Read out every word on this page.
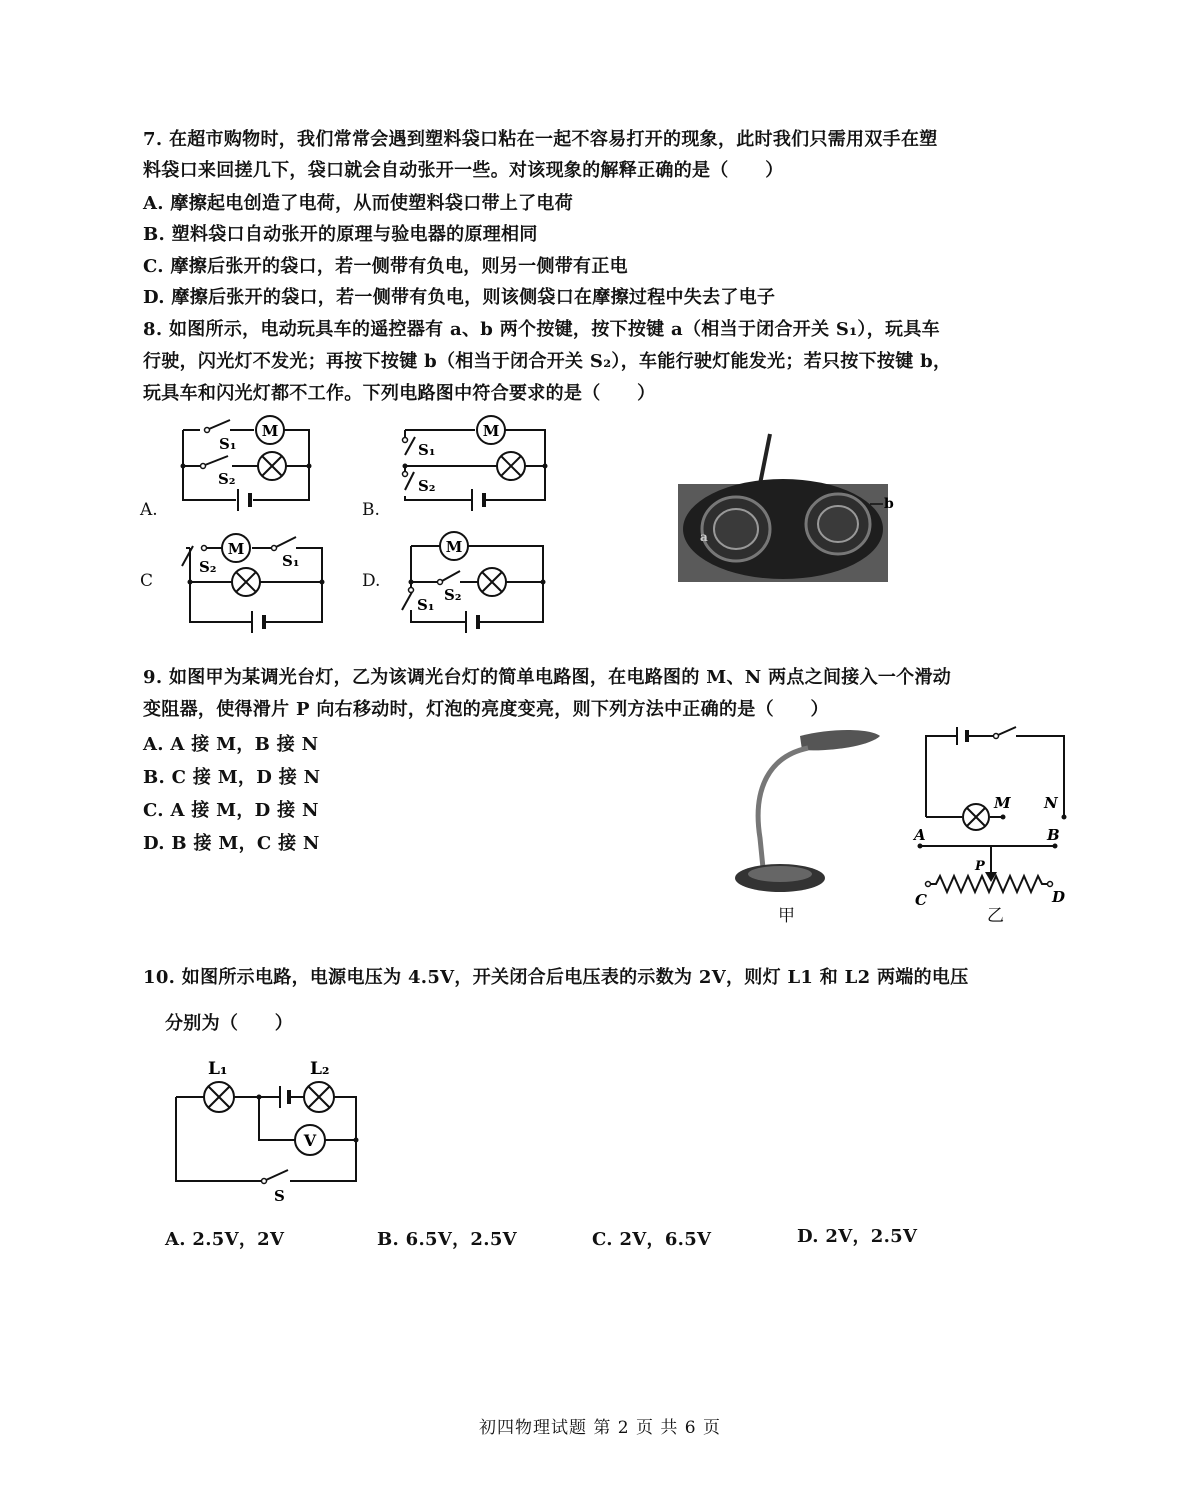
7. 在超市购物时，我们常常会遇到塑料袋口粘在一起不容易打开的现象，此时我们只需用双手在塑
料袋口来回搓几下，袋口就会自动张开一些。对该现象的解释正确的是（　　）
A. 摩擦起电创造了电荷，从而使塑料袋口带上了电荷
B. 塑料袋口自动张开的原理与验电器的原理相同
C. 摩擦后张开的袋口，若一侧带有负电，则另一侧带有正电
D. 摩擦后张开的袋口，若一侧带有负电，则该侧袋口在摩擦过程中失去了电子
8. 如图所示，电动玩具车的遥控器有 a、b 两个按键，按下按键 a（相当于闭合开关 S₁），玩具车
行驶，闪光灯不发光；再按下按键 b（相当于闭合开关 S₂），车能行驶灯能发光；若只按下按键 b，
玩具车和闪光灯都不工作。下列电路图中符合要求的是（　　）
A.	B.
C	D.
M
S₁
S₂
M
S₁
S₂
S₂
M
S₁
M
S₁
S₂
b
a
9. 如图甲为某调光台灯，乙为该调光台灯的简单电路图，在电路图的 M、N 两点之间接入一个滑动
变阻器，使得滑片 P 向右移动时，灯泡的亮度变亮，则下列方法中正确的是（　　）
A. A 接 M，B 接 N
B. C 接 M，D 接 N
C. A 接 M，D 接 N
D. B 接 M，C 接 N
甲
M N
A	B
P
C	D
乙
10. 如图所示电路，电源电压为 4.5V，开关闭合后电压表的示数为 2V，则灯 L1 和 L2 两端的电压
分别为（　　）
L₁	L₂
V
S
A. 2.5V，2V	B. 6.5V，2.5V	C. 2V，6.5V	D. 2V，2.5V
初四物理试题 第 2 页 共 6 页
